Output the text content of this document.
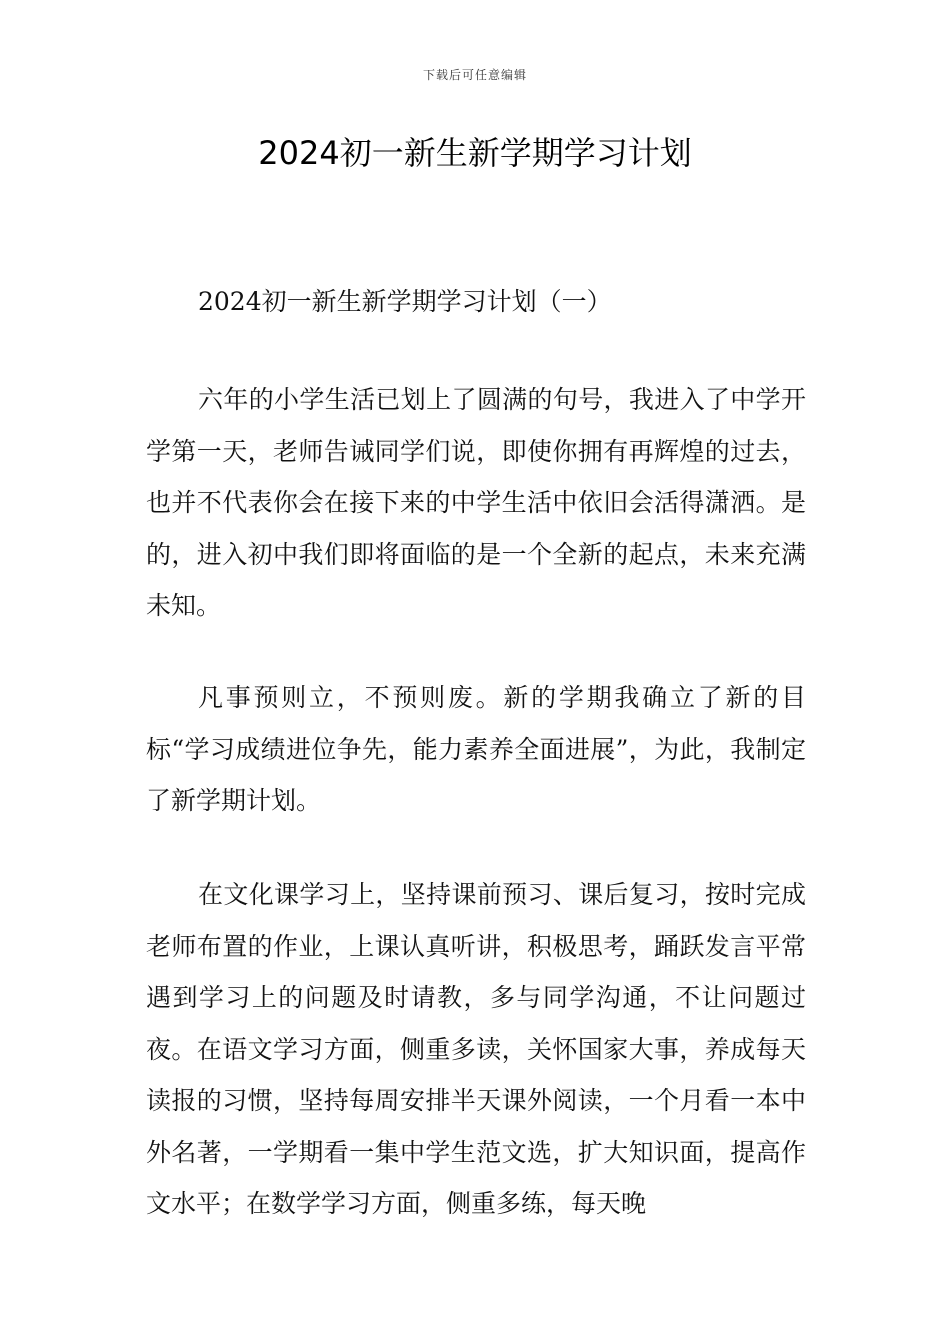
下载后可任意编辑
2024初一新生新学期学习计划

2024初一新生新学期学习计划（一）

六年的小学生活已划上了圆满的句号，我进入了中学开学第一天，老师告诫同学们说，即使你拥有再辉煌的过去，也并不代表你会在接下来的中学生活中依旧会活得潇洒。是的，进入初中我们即将面临的是一个全新的起点，未来充满未知。

凡事预则立，不预则废。新的学期我确立了新的目标“学习成绩进位争先，能力素养全面进展”，为此，我制定了新学期计划。

在文化课学习上，坚持课前预习、课后复习，按时完成老师布置的作业，上课认真听讲，积极思考，踊跃发言平常遇到学习上的问题及时请教，多与同学沟通，不让问题过夜。在语文学习方面，侧重多读，关怀国家大事，养成每天读报的习惯，坚持每周安排半天课外阅读，一个月看一本中外名著，一学期看一集中学生范文选，扩大知识面，提高作文水平；在数学学习方面，侧重多练，每天晚
